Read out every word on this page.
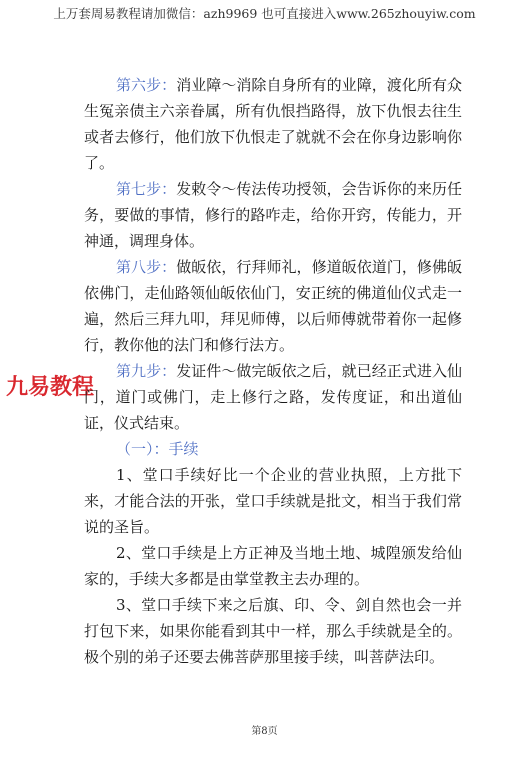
上万套周易教程请加微信：azh9969 也可直接进入www.265zhouyiw.com
九易教程

第六步：消业障～消除自身所有的业障，渡化所有众生冤亲债主六亲眷属，所有仇恨挡路得，放下仇恨去往生或者去修行，他们放下仇恨走了就就不会在你身边影响你了。

第七步：发敕令～传法传功授领，会告诉你的来历任务，要做的事情，修行的路咋走，给你开窍，传能力，开神通，调理身体。

第八步：做皈依，行拜师礼，修道皈依道门，修佛皈依佛门，走仙路领仙皈依仙门，安正统的佛道仙仪式走一遍，然后三拜九叩，拜见师傅，以后师傅就带着你一起修行，教你他的法门和修行法方。

第九步：发证件～做完皈依之后，就已经正式进入仙门，道门或佛门，走上修行之路，发传度证，和出道仙证，仪式结束。

（一）：手续

1、堂口手续好比一个企业的营业执照，上方批下来，才能合法的开张，堂口手续就是批文，相当于我们常说的圣旨。

2、堂口手续是上方正神及当地土地、城隍颁发给仙家的，手续大多都是由掌堂教主去办理的。

3、堂口手续下来之后旗、印、令、剑自然也会一并打包下来，如果你能看到其中一样，那么手续就是全的。极个别的弟子还要去佛菩萨那里接手续，叫菩萨法印。

第8页
